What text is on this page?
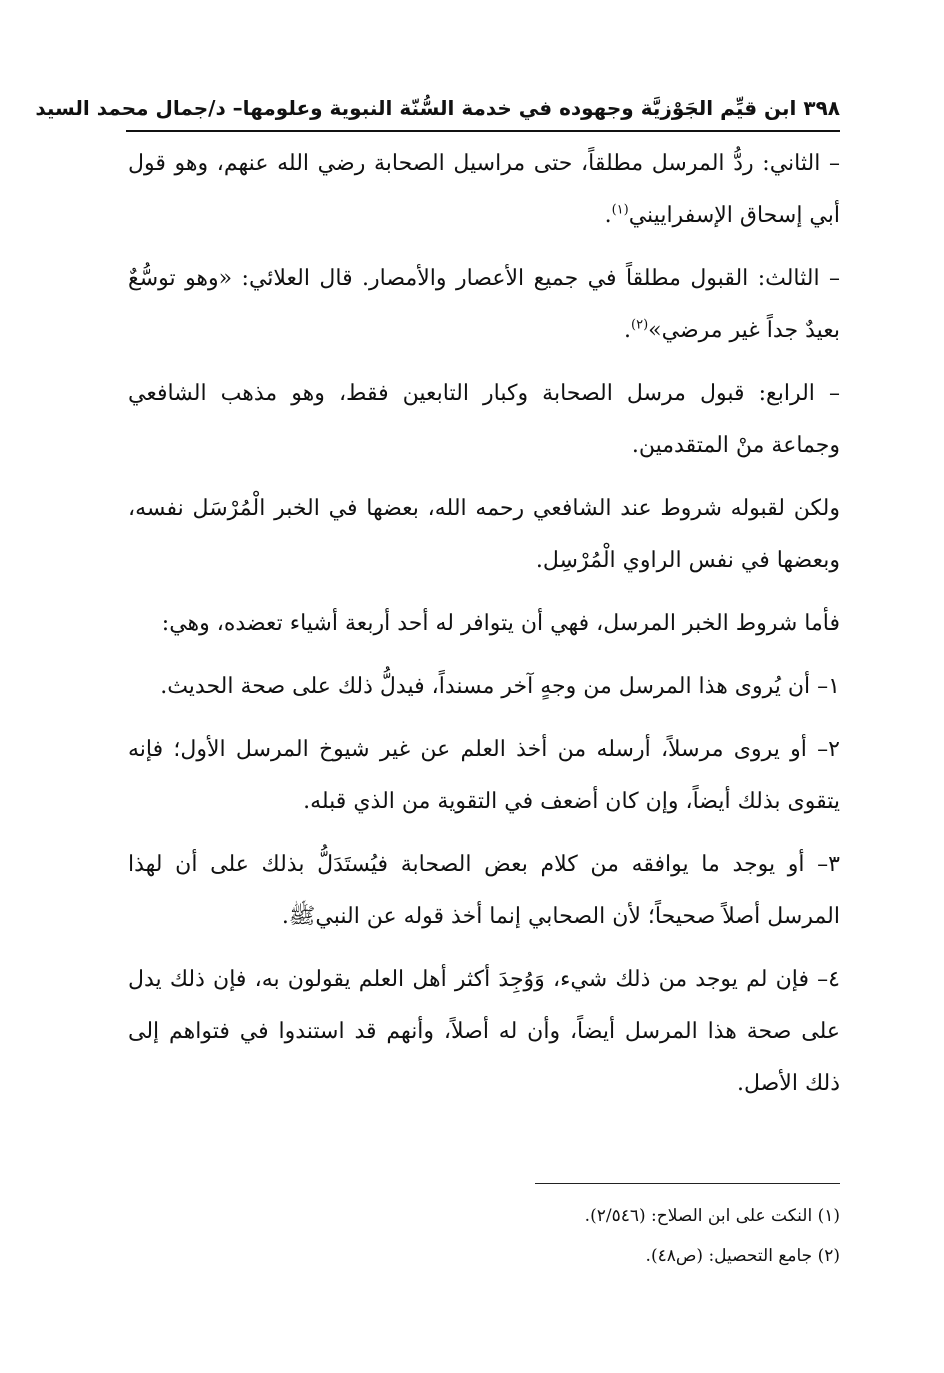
٣٩٨ ابن قيِّم الجَوْزيَّة وجهوده في خدمة السُّنّة النبوية وعلومها– د/جمال محمد السيد

– الثاني: ردُّ المرسل مطلقاً، حتى مراسيل الصحابة رضي الله عنهم، وهو قول أبي إسحاق الإسفراييني$^{(١)}$.

– الثالث: القبول مطلقاً في جميع الأعصار والأمصار. قال العلائي: «وهو توسُّعٌ بعيدٌ جداً غير مرضي»$^{(٢)}$.

– الرابع: قبول مرسل الصحابة وكبار التابعين فقط، وهو مذهب الشافعي وجماعة منْ المتقدمين.

ولكن لقبوله شروط عند الشافعي رحمه الله، بعضها في الخبر الْمُرْسَل نفسه، وبعضها في نفس الراوي الْمُرْسِل.

فأما شروط الخبر المرسل، فهي أن يتوافر له أحد أربعة أشياء تعضده، وهي:

١– أن يُروى هذا المرسل من وجهٍ آخر مسنداً، فيدلُّ ذلك على صحة الحديث.

٢– أو يروى مرسلاً، أرسله من أخذ العلم عن غير شيوخ المرسل الأول؛ فإنه يتقوى بذلك أيضاً، وإن كان أضعف في التقوية من الذي قبله.

٣– أو يوجد ما يوافقه من كلام بعض الصحابة فيُستَدَلُّ بذلك على أن لهذا المرسل أصلاً صحيحاً؛ لأن الصحابي إنما أخذ قوله عن النبيﷺ.

٤– فإن لم يوجد من ذلك شيء، وَوُجِدَ أكثر أهل العلم يقولون به، فإن ذلك يدل على صحة هذا المرسل أيضاً، وأن له أصلاً، وأنهم قد استندوا في فتواهم إلى ذلك الأصل.

(١) النكت على ابن الصلاح: (٢/٥٤٦).

(٢) جامع التحصيل: (ص٤٨).
